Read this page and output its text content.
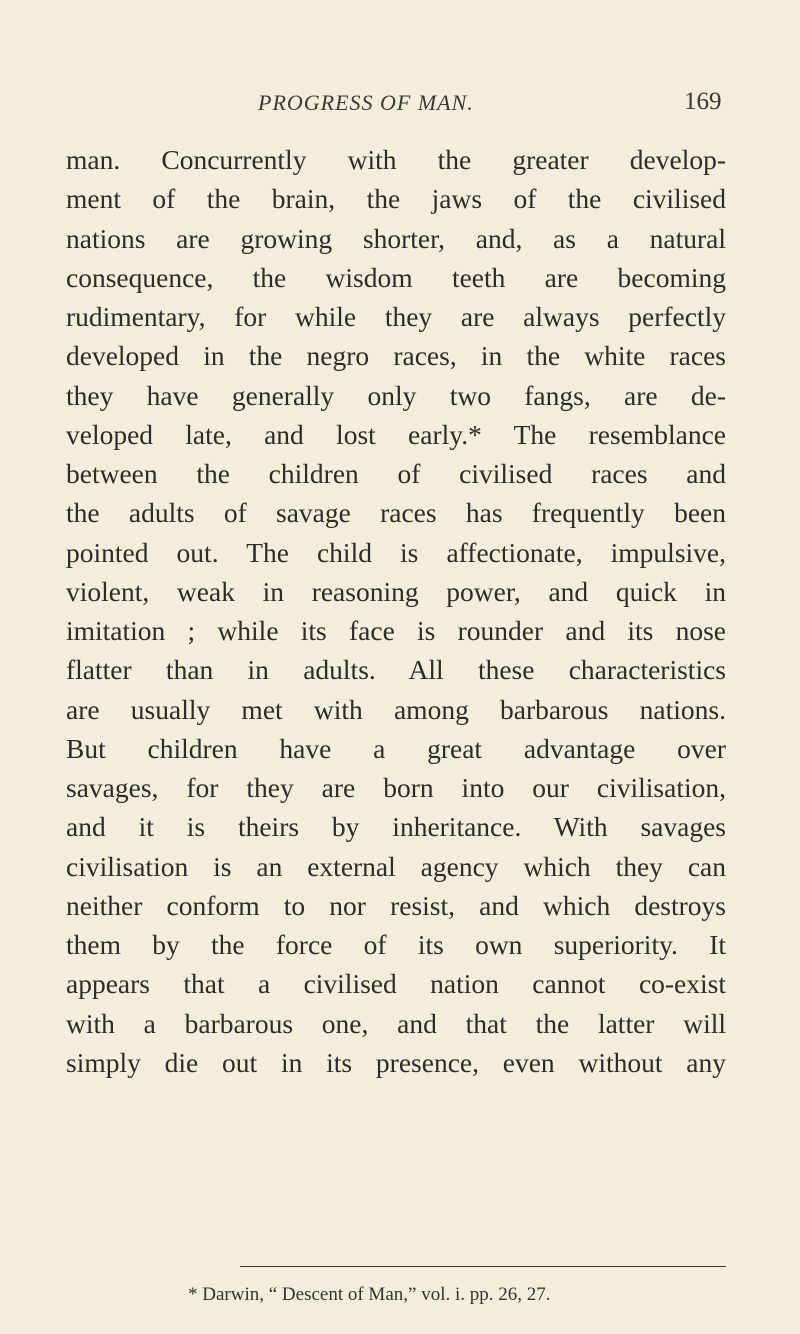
PROGRESS OF MAN.	169
man. Concurrently with the greater develop-
ment of the brain, the jaws of the civilised
nations are growing shorter, and, as a natural
consequence, the wisdom teeth are becoming
rudimentary, for while they are always perfectly
developed in the negro races, in the white races
they have generally only two fangs, are de-
veloped late, and lost early.* The resemblance
between the children of civilised races and
the adults of savage races has frequently been
pointed out. The child is affectionate, impulsive,
violent, weak in reasoning power, and quick in
imitation ; while its face is rounder and its nose
flatter than in adults. All these characteristics
are usually met with among barbarous nations.
But children have a great advantage over
savages, for they are born into our civilisation,
and it is theirs by inheritance. With savages
civilisation is an external agency which they can
neither conform to nor resist, and which destroys
them by the force of its own superiority. It
appears that a civilised nation cannot co-exist
with a barbarous one, and that the latter will
simply die out in its presence, even without any
* Darwin, “ Descent of Man,” vol. i. pp. 26, 27.
